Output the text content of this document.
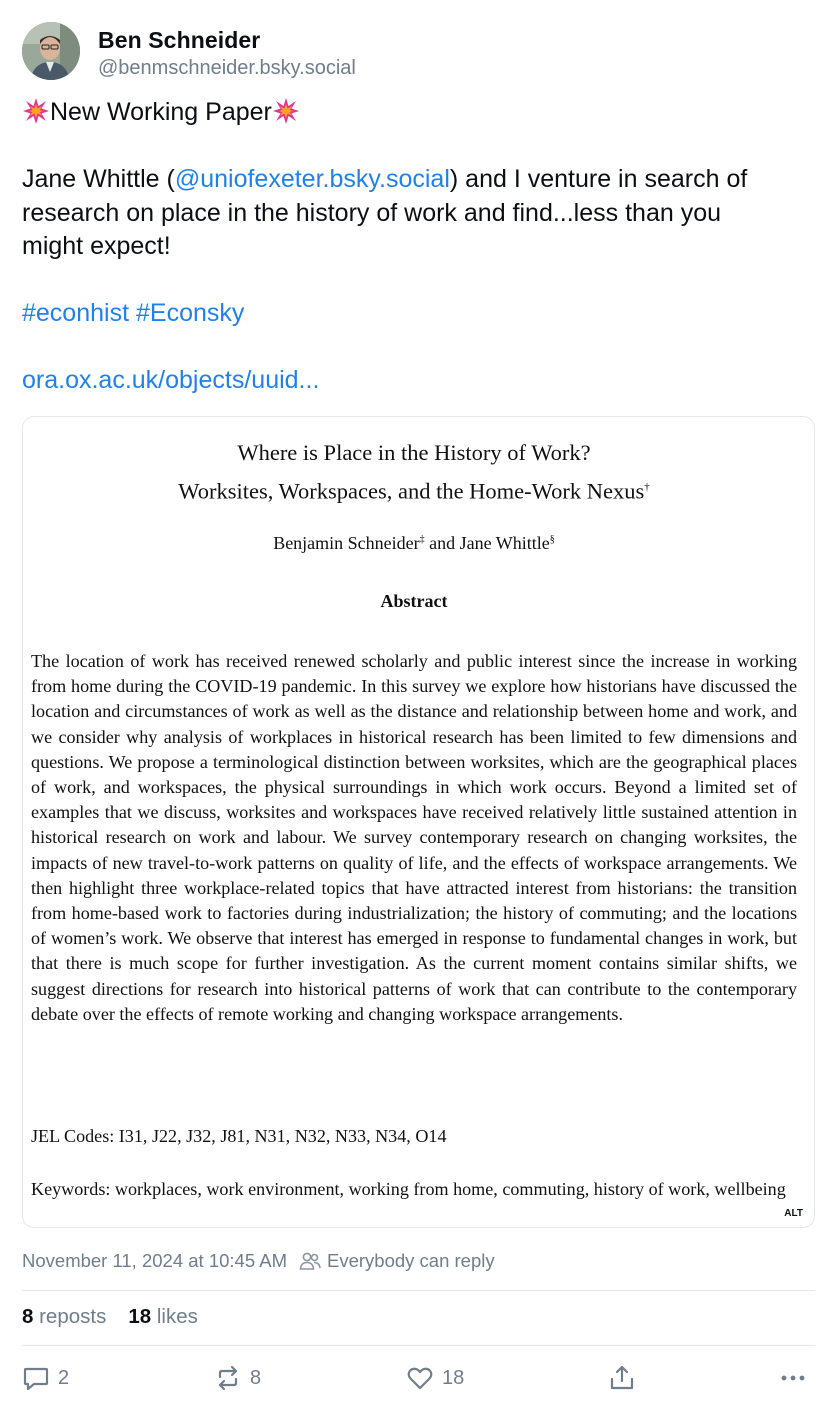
Ben Schneider
@benmschneider.bsky.social
New Working Paper
Jane Whittle (@uniofexeter.bsky.social) and I venture in search of
research on place in the history of work and find...less than you
might expect!
#econhist #Econsky
ora.ox.ac.uk/objects/uuid...
Where is Place in the History of Work?
Worksites, Workspaces, and the Home-Work Nexus†
Benjamin Schneider‡ and Jane Whittle§
Abstract
The location of work has received renewed scholarly and public interest since the increase in working from home during the COVID-19 pandemic. In this survey we explore how historians have discussed the location and circumstances of work as well as the distance and relationship between home and work, and we consider why analysis of workplaces in historical research has been limited to few dimensions and questions. We propose a terminological distinction between worksites, which are the geographical places of work, and workspaces, the physical surroundings in which work occurs. Beyond a limited set of examples that we discuss, worksites and workspaces have received relatively little sustained attention in historical research on work and labour. We survey contemporary research on changing worksites, the impacts of new travel-to-work patterns on quality of life, and the effects of workspace arrangements. We then highlight three workplace-related topics that have attracted interest from historians: the transition from home-based work to factories during industrialization; the history of commuting; and the locations of women’s work. We observe that interest has emerged in response to fundamental changes in work, but that there is much scope for further investigation. As the current moment contains similar shifts, we suggest directions for research into historical patterns of work that can contribute to the contemporary debate over the effects of remote working and changing workspace arrangements.
JEL Codes: I31, J22, J32, J81, N31, N32, N33, N34, O14
Keywords: workplaces, work environment, working from home, commuting, history of work, wellbeing
ALT
November 11, 2024 at 10:45 AM Everybody can reply
8 reposts 18 likes
2	8	18
